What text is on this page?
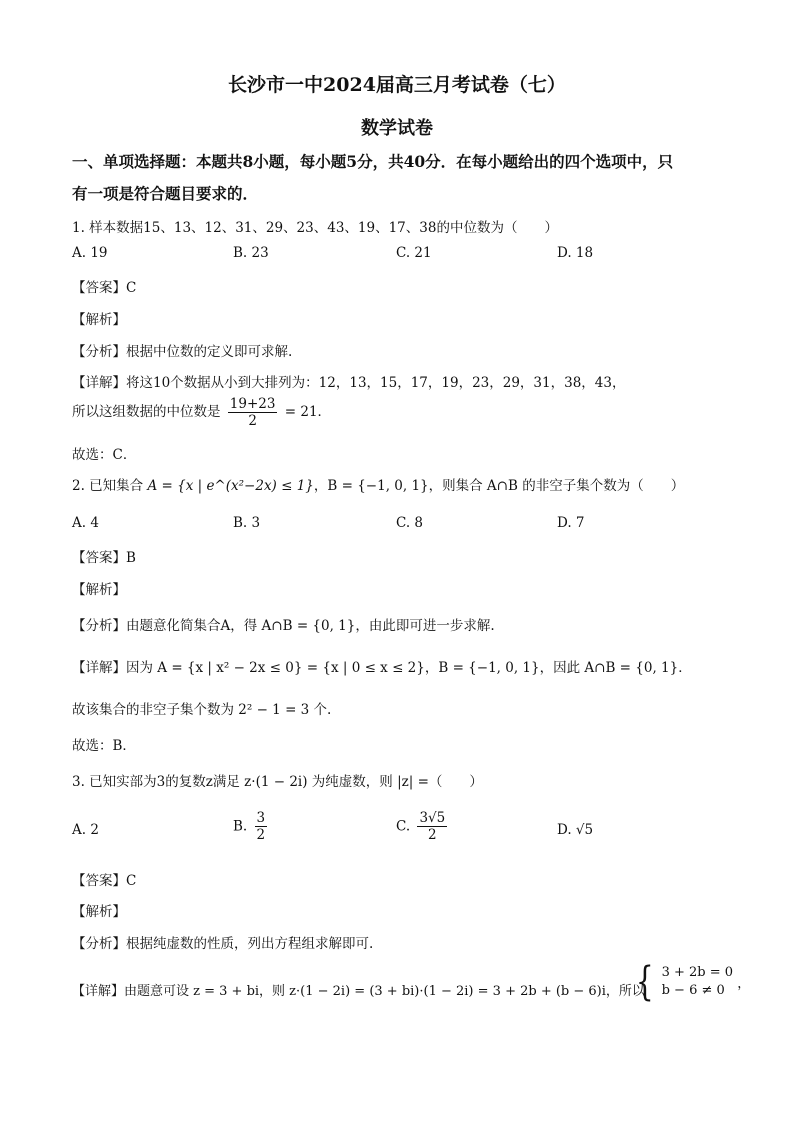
长沙市一中2024届高三月考试卷（七）
数学试卷
一、单项选择题：本题共8小题，每小题5分，共40分．在每小题给出的四个选项中，只
有一项是符合题目要求的．
1. 样本数据15、13、12、31、29、23、43、19、17、38的中位数为（　　）
A. 19	B. 23	C. 21	D. 18
【答案】C
【解析】
【分析】根据中位数的定义即可求解.
【详解】将这10个数据从小到大排列为：12，13，15，17，19，23，29，31，38，43，
所以这组数据的中位数是 $\frac{19+23}{2} = 21$．
故选：C．
2. 已知集合 A = {x | e^(x²−2x) ≤ 1}，B = {−1, 0, 1}，则集合 A∩B 的非空子集个数为（　　）
A. 4	B. 3	C. 8	D. 7
【答案】B
【解析】
【分析】由题意化简集合A，得 A∩B = {0, 1}，由此即可进一步求解.
【详解】因为 A = {x | x² − 2x ≤ 0} = {x | 0 ≤ x ≤ 2}，B = {−1, 0, 1}，因此 A∩B = {0, 1}．
故该集合的非空子集个数为 2² − 1 = 3 个.
故选：B．
3. 已知实部为3的复数z满足 z·(1 − 2i) 为纯虚数，则 |z| =（　　）
A. 2	B. $\frac{3}{2}$	C. $\frac{3√5}{2}$	D. √5
【答案】C
【解析】
【分析】根据纯虚数的性质，列出方程组求解即可.
【详解】由题意可设 z = 3 + bi，则 z·(1 − 2i) = (3 + bi)·(1 − 2i) = 3 + 2b + (b − 6)i，所以
{ 3 + 2b = 0
b − 6 ≠ 0 ，
